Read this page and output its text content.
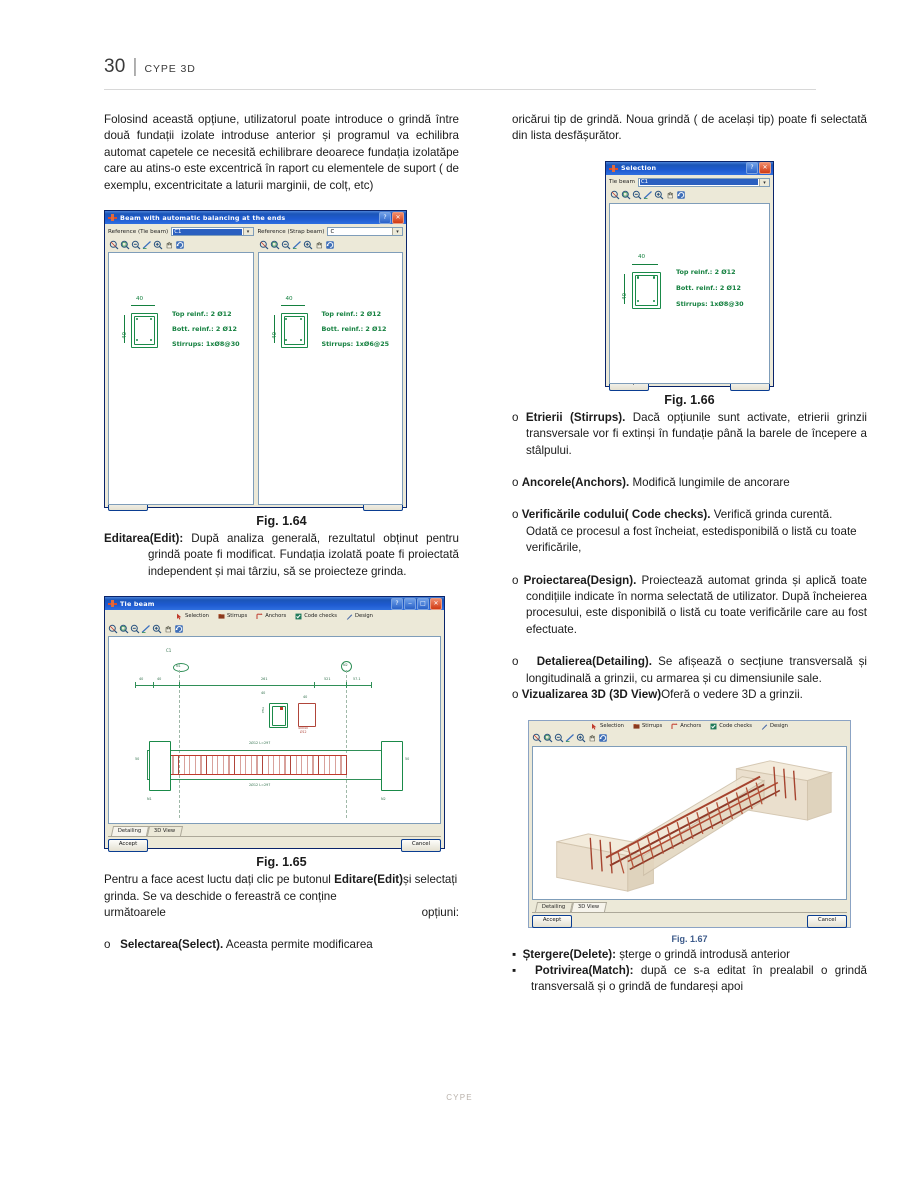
30 | CYPE 3D

Folosind această opțiune, utilizatorul poate introduce o grindă între două fundații izolate introduse anterior și programul va echilibra automat capetele ce necesită echilibrare deoarece fundația izolatăpe care au atins-o este excentrică în raport cu elementele de suport ( de exemplu, excentricitate a laturii marginii, de colț, etc)

Beam with automatic balancing at the ends	?	✕
Reference (Tie beam) C1	▾
40
40
Top reinf.: 2 Ø12
Bott. reinf.: 2 Ø12
Stirrups: 1xØ8@30
Reference (Strap beam)	C	▾
40
40
Top reinf.: 2 Ø12
Bott. reinf.: 2 Ø12
Stirrups: 1xØ6@25
Fig. 1.64

Editarea(Edit): După analiza generală, rezultatul obținut pentru grindă poate fi modificat. Fundația izolată poate fi proiectată independent și mai târziu, să se proiecteze grinda.

Tie beam	?	‒	□	✕
Selection	Stirrups	Anchors	Code checks	Design
C1
N1	N2
40	40	261
40
521	57.1
TGA
40x40
Ø12
40
2Ø12 L=297
2Ø12 L=297
50	50
N1	N2
Detailing	3D View
Accept	Cancel
Fig. 1.65

Pentru a face acest luctu dați clic pe butonul Editare(Edit)și selectați grinda. Se va deschide o fereastră ce conține

următoarele	opțiuni:

o Selectarea(Select). Aceasta permite modificarea

oricărui tip de grindă. Noua grindă ( de același tip) poate fi selectată din lista desfășurător.

Selection	?	✕
Tie beam C1	▾
40
40
Top reinf.: 2 Ø12
Bott. reinf.: 2 Ø12
Stirrups: 1xØ8@30
Fig. 1.66

o Etrierii (Stirrups). Dacă opțiunile sunt activate, etrierii grinzii transversale vor fi extinși în fundație până la barele de începere a stâlpului.

o Ancorele(Anchors). Modifică lungimile de ancorare

o Verificările codului( Code checks). Verifică grinda curentă. Odată ce procesul a fost încheiat, estedisponibilă o listă cu toate verificările,

o Proiectarea(Design). Proiectează automat grinda și aplică toate condițiile indicate în norma selectată de utilizator. După încheierea procesului, este disponibilă o listă cu toate verificările care au fost efectuate.

o Detalierea(Detailing). Se afișează o secțiune transversală și longitudinală a grinzii, cu armarea și cu dimensiunile sale.

o Vizualizarea 3D (3D View)Oferă o vedere 3D a grinzii.

Selection	Stirrups	Anchors	Code checks	Design
Detailing	3D View
Accept	Cancel
Fig. 1.67

▪ Ștergere(Delete): șterge o grindă introdusă anterior

▪ Potrivirea(Match): după ce s-a editat în prealabil o grindă transversală și o grindă de fundareși apoi

CYPE
